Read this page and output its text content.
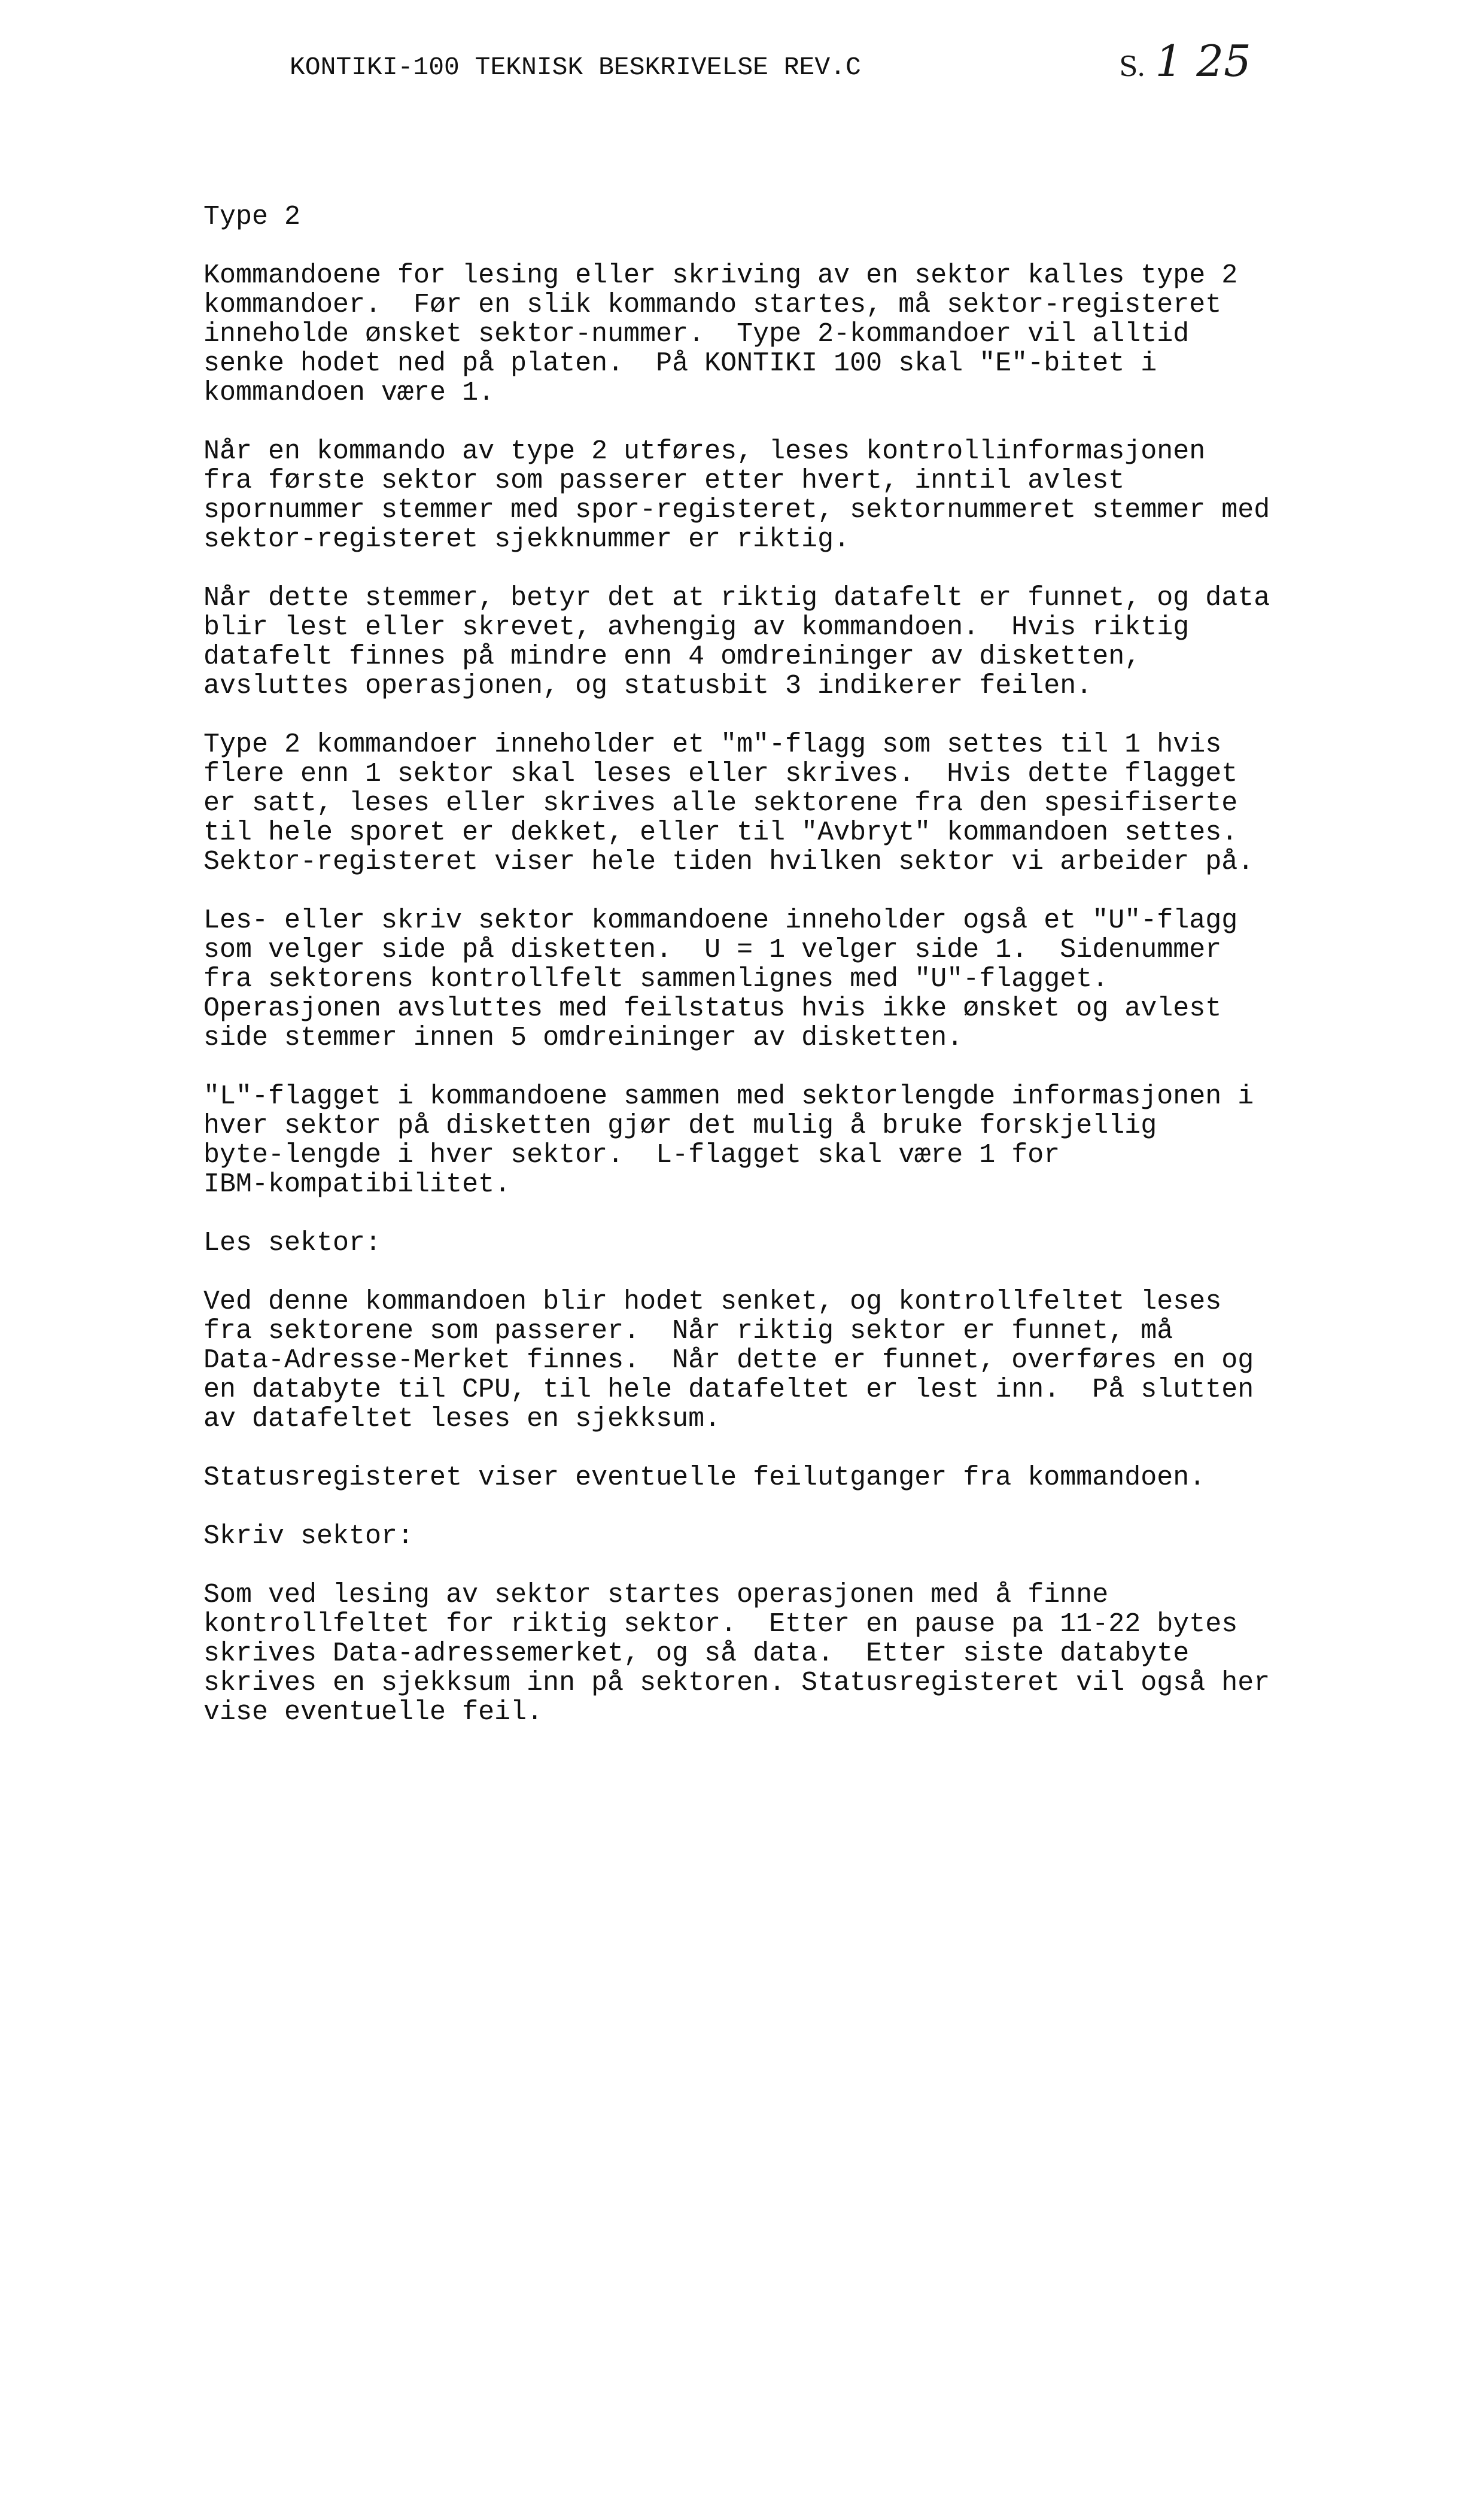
KONTIKI-100 TEKNISK BESKRIVELSE REV.C	S. 1 25
Type 2
Kommandoene for lesing eller skriving av en sektor kalles type 2
kommandoer.  Før en slik kommando startes, må sektor-registeret
inneholde ønsket sektor-nummer.  Type 2-kommandoer vil alltid
senke hodet ned på platen.  På KONTIKI 100 skal "E"-bitet i
kommandoen være 1.
Når en kommando av type 2 utføres, leses kontrollinformasjonen
fra første sektor som passerer etter hvert, inntil avlest
spornummer stemmer med spor-registeret, sektornummeret stemmer med
sektor-registeret sjekknummer er riktig.
Når dette stemmer, betyr det at riktig datafelt er funnet, og data
blir lest eller skrevet, avhengig av kommandoen.  Hvis riktig
datafelt finnes på mindre enn 4 omdreininger av disketten,
avsluttes operasjonen, og statusbit 3 indikerer feilen.
Type 2 kommandoer inneholder et "m"-flagg som settes til 1 hvis
flere enn 1 sektor skal leses eller skrives.  Hvis dette flagget
er satt, leses eller skrives alle sektorene fra den spesifiserte
til hele sporet er dekket, eller til "Avbryt" kommandoen settes.
Sektor-registeret viser hele tiden hvilken sektor vi arbeider på.
Les- eller skriv sektor kommandoene inneholder også et "U"-flagg
som velger side på disketten.  U = 1 velger side 1.  Sidenummer
fra sektorens kontrollfelt sammenlignes med "U"-flagget.
Operasjonen avsluttes med feilstatus hvis ikke ønsket og avlest
side stemmer innen 5 omdreininger av disketten.
"L"-flagget i kommandoene sammen med sektorlengde informasjonen i
hver sektor på disketten gjør det mulig å bruke forskjellig
byte-lengde i hver sektor.  L-flagget skal være 1 for
IBM-kompatibilitet.
Les sektor:
Ved denne kommandoen blir hodet senket, og kontrollfeltet leses
fra sektorene som passerer.  Når riktig sektor er funnet, må
Data-Adresse-Merket finnes.  Når dette er funnet, overføres en og
en databyte til CPU, til hele datafeltet er lest inn.  På slutten
av datafeltet leses en sjekksum.
Statusregisteret viser eventuelle feilutganger fra kommandoen.
Skriv sektor:
Som ved lesing av sektor startes operasjonen med å finne
kontrollfeltet for riktig sektor.  Etter en pause pa 11-22 bytes
skrives Data-adressemerket, og så data.  Etter siste databyte
skrives en sjekksum inn på sektoren. Statusregisteret vil også her
vise eventuelle feil.
